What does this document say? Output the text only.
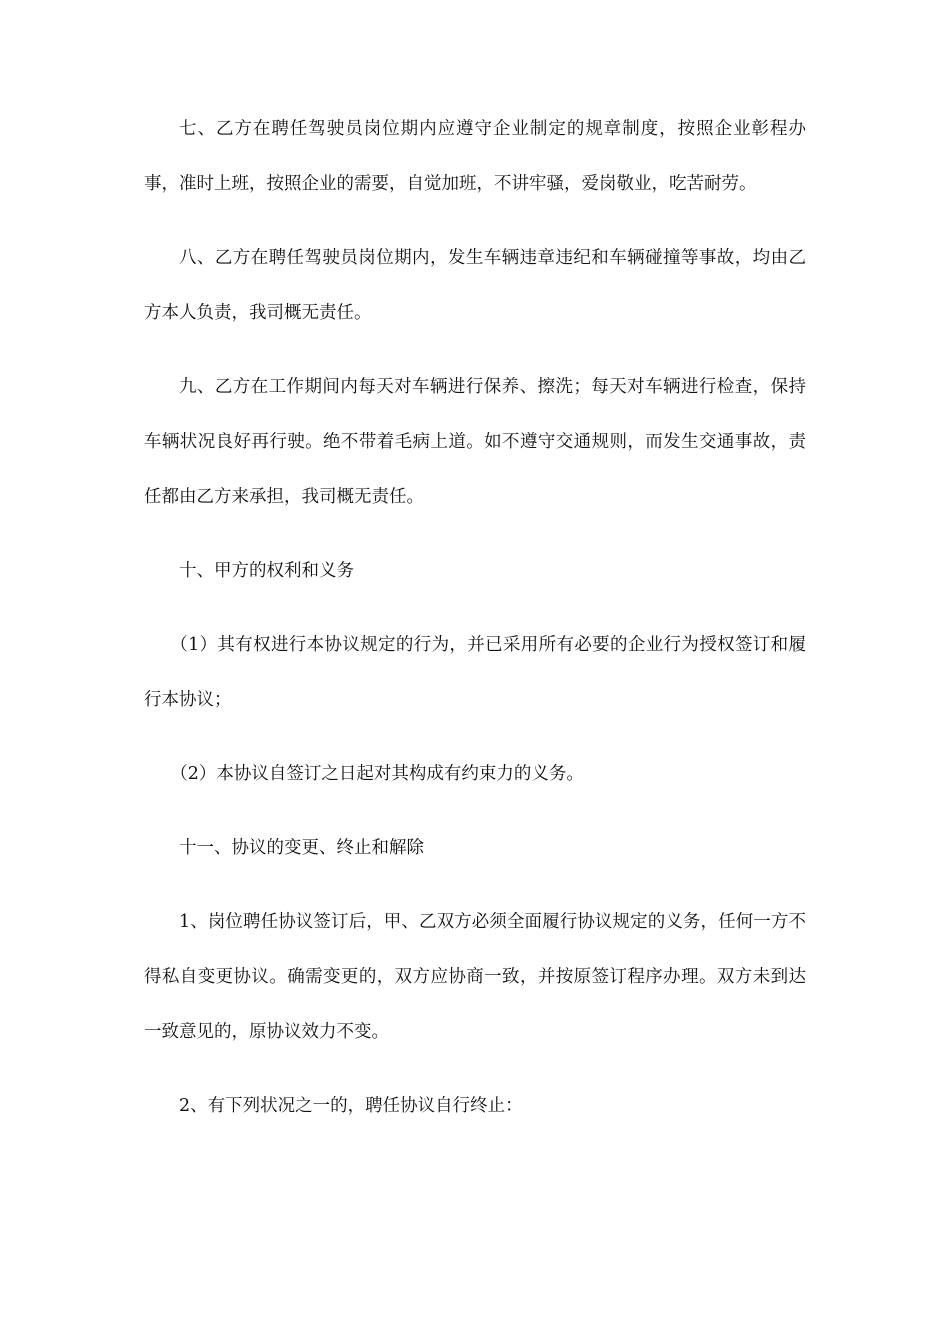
七、乙方在聘任驾驶员岗位期内应遵守企业制定的规章制度，按照企业彰程办事，准时上班，按照企业的需要，自觉加班，不讲牢骚，爱岗敬业，吃苦耐劳。

八、乙方在聘任驾驶员岗位期内，发生车辆违章违纪和车辆碰撞等事故，均由乙方本人负责，我司概无责任。

九、乙方在工作期间内每天对车辆进行保养、擦洗；每天对车辆进行检查，保持车辆状况良好再行驶。绝不带着毛病上道。如不遵守交通规则，而发生交通事故，责任都由乙方来承担，我司概无责任。

十、甲方的权利和义务

（1）其有权进行本协议规定的行为，并已采用所有必要的企业行为授权签订和履行本协议；

（2）本协议自签订之日起对其构成有约束力的义务。

十一、协议的变更、终止和解除

1、岗位聘任协议签订后，甲、乙双方必须全面履行协议规定的义务，任何一方不得私自变更协议。确需变更的，双方应协商一致，并按原签订程序办理。双方未到达一致意见的，原协议效力不变。

2、有下列状况之一的，聘任协议自行终止：
